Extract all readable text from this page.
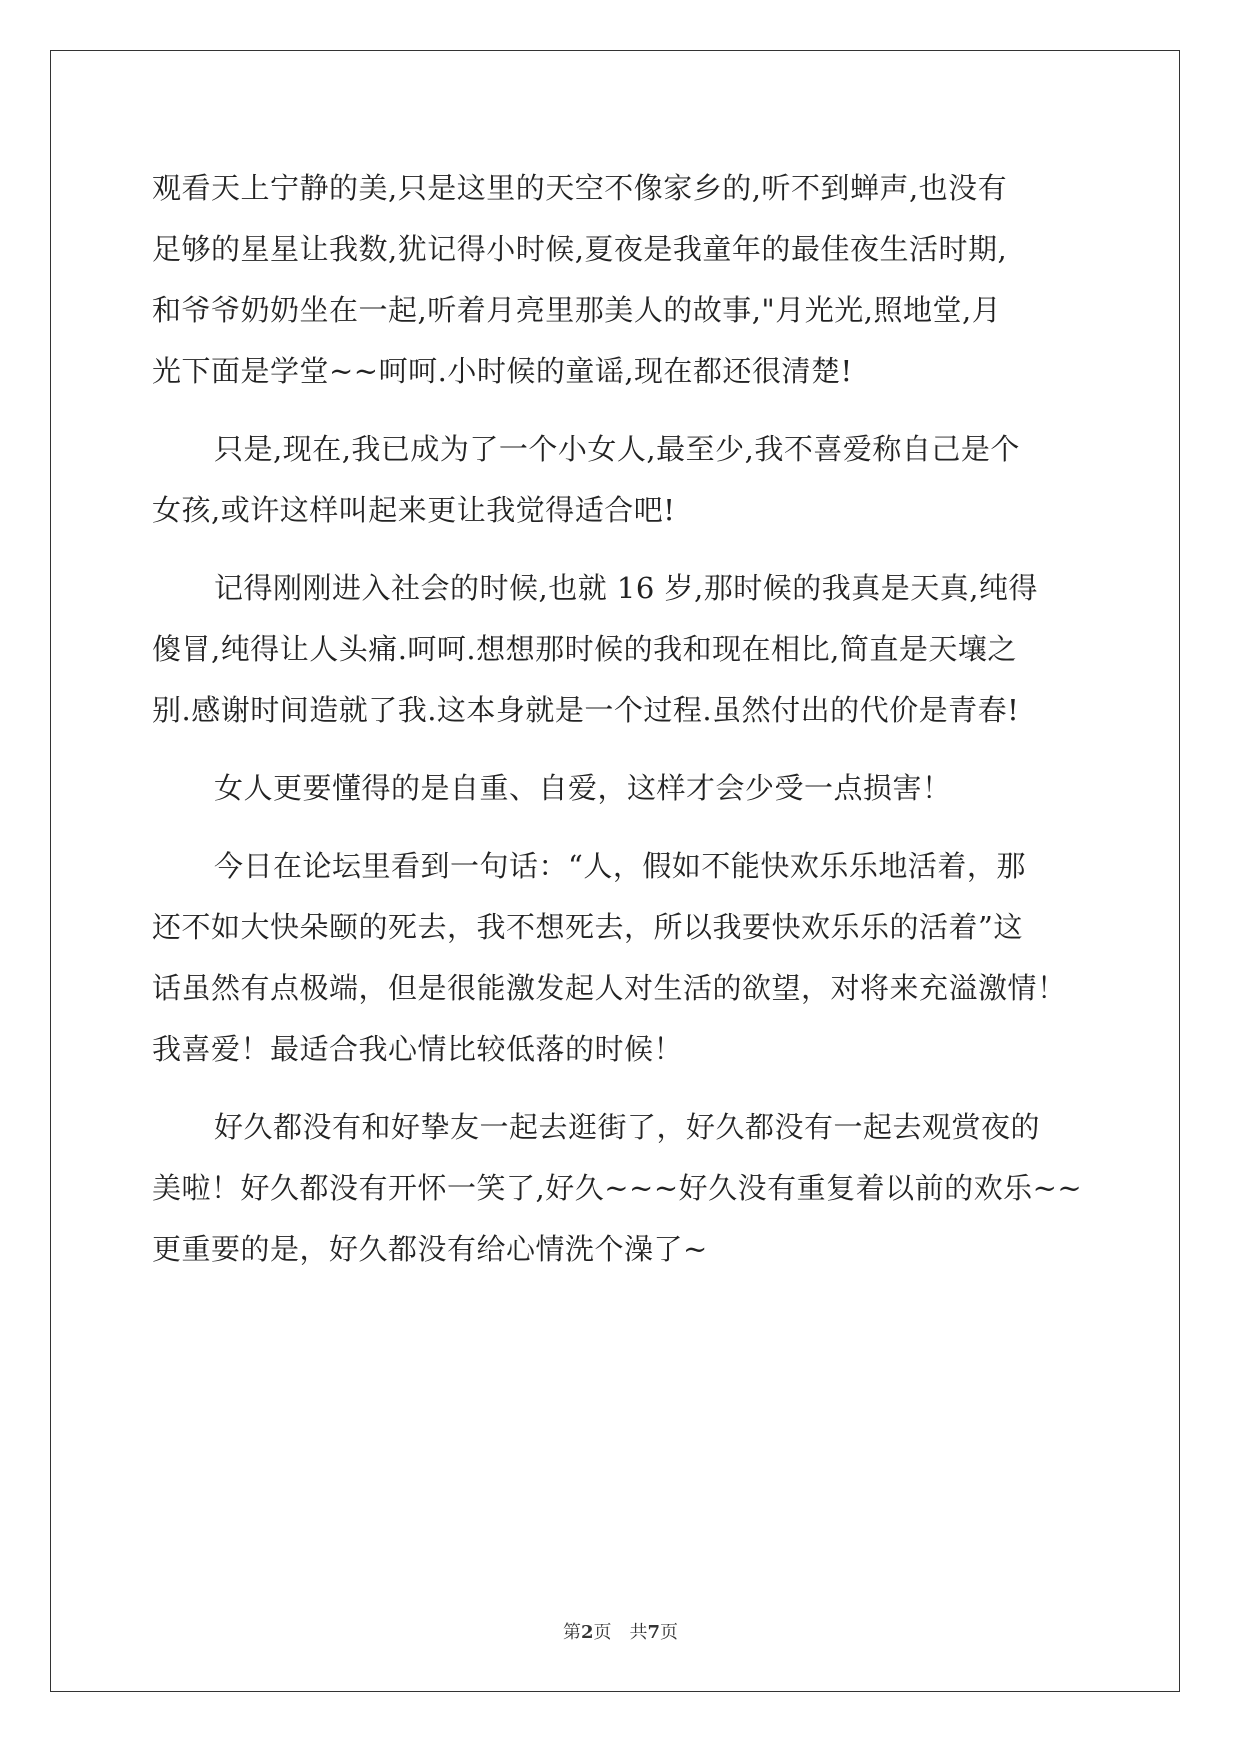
观看天上宁静的美,只是这里的天空不像家乡的,听不到蝉声,也没有
足够的星星让我数,犹记得小时候,夏夜是我童年的最佳夜生活时期,
和爷爷奶奶坐在一起,听着月亮里那美人的故事,"月光光,照地堂,月
光下面是学堂~~呵呵.小时候的童谣,现在都还很清楚!
只是,现在,我已成为了一个小女人,最至少,我不喜爱称自己是个
女孩,或许这样叫起来更让我觉得适合吧!
记得刚刚进入社会的时候,也就 16 岁,那时候的我真是天真,纯得
傻冒,纯得让人头痛.呵呵.想想那时候的我和现在相比,简直是天壤之
别.感谢时间造就了我.这本身就是一个过程.虽然付出的代价是青春!
女人更要懂得的是自重、自爱，这样才会少受一点损害！
今日在论坛里看到一句话：“人，假如不能快欢乐乐地活着，那
还不如大快朵颐的死去，我不想死去，所以我要快欢乐乐的活着”这
话虽然有点极端，但是很能激发起人对生活的欲望，对将来充溢激情！
我喜爱！最适合我心情比较低落的时候！
好久都没有和好挚友一起去逛街了，好久都没有一起去观赏夜的
美啦！好久都没有开怀一笑了,好久~~~好久没有重复着以前的欢乐~~
更重要的是，好久都没有给心情洗个澡了~
第2页 共7页
